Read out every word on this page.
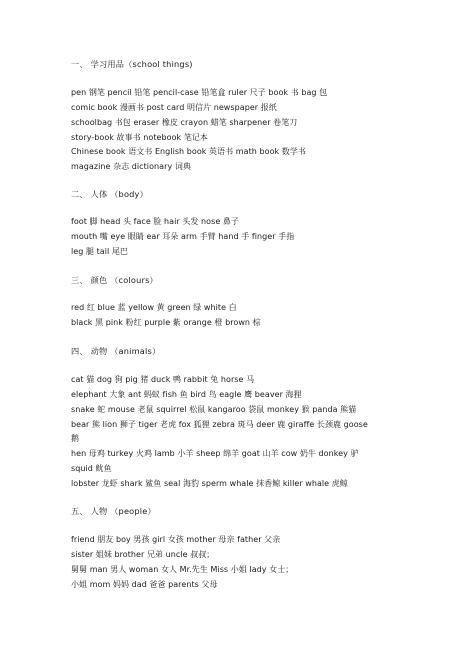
一、 学习用品（school things)
pen 钢笔 pencil 铅笔 pencil-case 铅笔盒 ruler 尺子 book 书 bag 包
comic book 漫画书 post card 明信片 newspaper 报纸
schoolbag 书包 eraser 橡皮 crayon 蜡笔 sharpener 卷笔刀
story-book 故事书 notebook 笔记本
Chinese book 语文书 English book 英语书 math book 数学书
magazine 杂志 dictionary 词典
二、 人体 （body）
foot 脚 head 头 face 脸 hair 头发 nose 鼻子
mouth 嘴 eye 眼睛 ear 耳朵 arm 手臂 hand 手 finger 手指
leg 腿 tail 尾巴
三、 颜色 （colours）
red 红 blue 蓝 yellow 黄 green 绿 white 白
black 黑 pink 粉红 purple 紫 orange 橙 brown 棕
四、 动物 （animals）
cat 猫 dog 狗 pig 猪 duck 鸭 rabbit 兔 horse 马
elephant 大象 ant 蚂蚁 fish 鱼 bird 鸟 eagle 鹰 beaver 海狸
snake 蛇 mouse 老鼠 squirrel 松鼠 kangaroo 袋鼠 monkey 猴 panda 熊猫
bear 熊 lion 狮子 tiger 老虎 fox 狐狸 zebra 斑马 deer 鹿 giraffe 长颈鹿 goose
鹅
hen 母鸡 turkey 火鸡 lamb 小羊 sheep 绵羊 goat 山羊 cow 奶牛 donkey 驴
squid 鱿鱼
lobster 龙虾 shark 鲨鱼 seal 海豹 sperm whale 抹香鲸 killer whale 虎鲸
五、 人物 （people）
friend 朋友 boy 男孩 girl 女孩 mother 母亲 father 父亲
sister 姐妹 brother 兄弟 uncle 叔叔；
舅舅 man 男人 woman 女人 Mr.先生 Miss 小姐 lady 女士；
小姐 mom 妈妈 dad 爸爸 parents 父母
